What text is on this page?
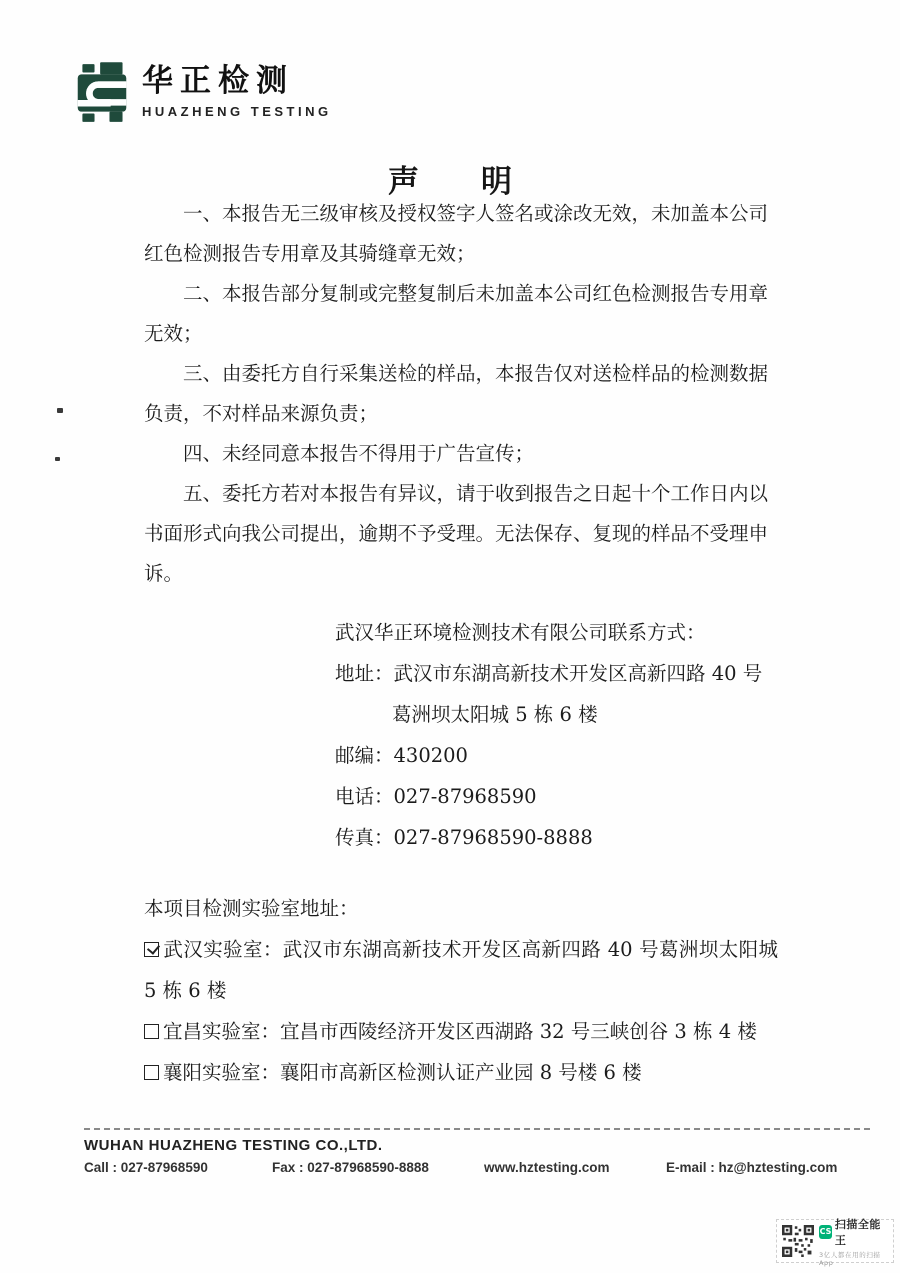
华正检测
HUAZHENG TESTING
声　　明

一、本报告无三级审核及授权签字人签名或涂改无效，未加盖本公司红色检测报告专用章及其骑缝章无效；

二、本报告部分复制或完整复制后未加盖本公司红色检测报告专用章无效；

三、由委托方自行采集送检的样品，本报告仅对送检样品的检测数据负责，不对样品来源负责；

四、未经同意本报告不得用于广告宣传；

五、委托方若对本报告有异议，请于收到报告之日起十个工作日内以书面形式向我公司提出，逾期不予受理。无法保存、复现的样品不受理申诉。

武汉华正环境检测技术有限公司联系方式：
地址：武汉市东湖高新技术开发区高新四路 40 号
葛洲坝太阳城 5 栋 6 楼
邮编：430200
电话：027-87968590
传真：027-87968590-8888
本项目检测实验室地址：

武汉实验室：武汉市东湖高新技术开发区高新四路 40 号葛洲坝太阳城 5 栋 6 楼

宜昌实验室：宜昌市西陵经济开发区西湖路 32 号三峡创谷 3 栋 4 楼

襄阳实验室：襄阳市高新区检测认证产业园 8 号楼 6 楼

WUHAN HUAZHENG TESTING CO.,LTD.
Call : 027-87968590	Fax : 027-87968590-8888	www.hztesting.com	E-mail : hz@hztesting.com
CS
扫描全能王
3亿人都在用的扫描App
